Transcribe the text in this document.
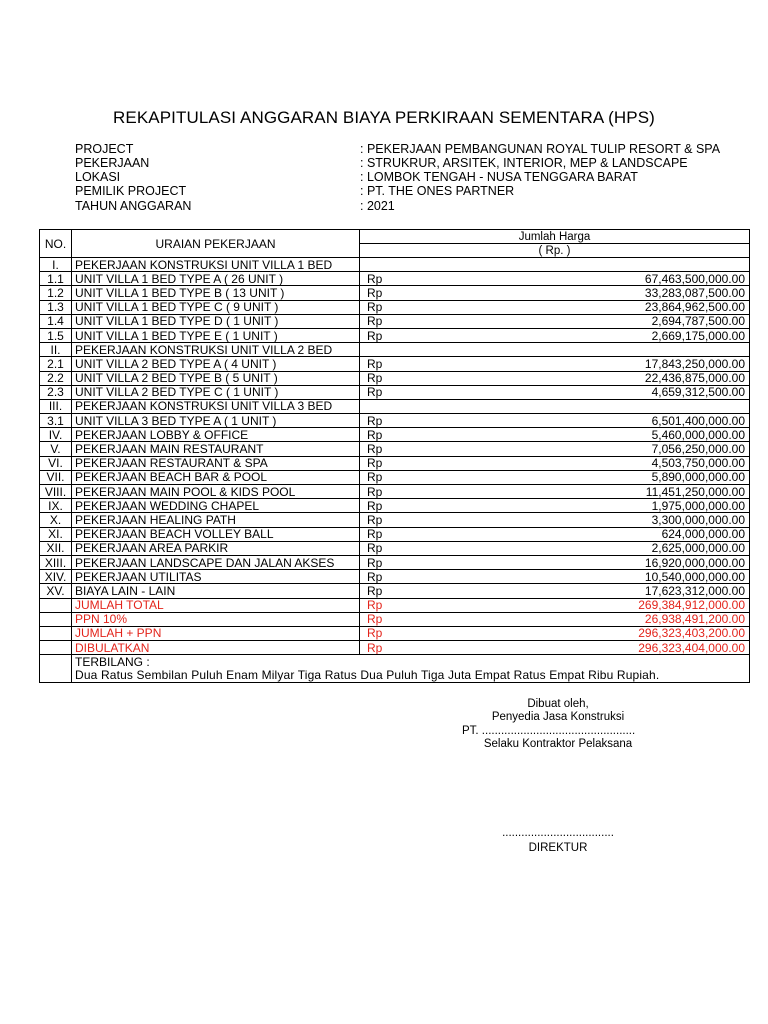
REKAPITULASI ANGGARAN BIAYA PERKIRAAN SEMENTARA (HPS)
PROJECT	: PEKERJAAN PEMBANGUNAN ROYAL TULIP RESORT & SPA
PEKERJAAN	: STRUKRUR, ARSITEK, INTERIOR, MEP & LANDSCAPE
LOKASI	: LOMBOK TENGAH - NUSA TENGGARA BARAT
PEMILIK PROJECT	: PT. THE ONES PARTNER
TAHUN ANGGARAN	: 2021
NO.	URAIAN PEKERJAAN	Jumlah Harga	
		( Rp. )	
I.	PEKERJAAN KONSTRUKSI UNIT VILLA 1 BED		
1.1	UNIT VILLA 1 BED TYPE A ( 26 UNIT )	Rp	67,463,500,000.00
1.2	UNIT VILLA 1 BED TYPE B ( 13 UNIT )	Rp	33,283,087,500.00
1.3	UNIT VILLA 1 BED TYPE C ( 9 UNIT )	Rp	23,864,962,500.00
1.4	UNIT VILLA 1 BED TYPE D ( 1 UNIT )	Rp	2,694,787,500.00
1.5	UNIT VILLA 1 BED TYPE E ( 1 UNIT )	Rp	2,669,175,000.00
II.	PEKERJAAN KONSTRUKSI UNIT VILLA 2 BED		
2.1	UNIT VILLA 2 BED TYPE A ( 4 UNIT )	Rp	17,843,250,000.00
2.2	UNIT VILLA 2 BED TYPE B ( 5 UNIT )	Rp	22,436,875,000.00
2.3	UNIT VILLA 2 BED TYPE C ( 1 UNIT )	Rp	4,659,312,500.00
III.	PEKERJAAN KONSTRUKSI UNIT VILLA 3 BED		
3.1	UNIT VILLA 3 BED TYPE A ( 1 UNIT )	Rp	6,501,400,000.00
IV.	PEKERJAAN LOBBY & OFFICE	Rp	5,460,000,000.00
V.	PEKERJAAN MAIN RESTAURANT	Rp	7,056,250,000.00
VI.	PEKERJAAN RESTAURANT & SPA	Rp	4,503,750,000.00
VII.	PEKERJAAN BEACH BAR & POOL	Rp	5,890,000,000.00
VIII.	PEKERJAAN MAIN POOL & KIDS POOL	Rp	11,451,250,000.00
IX.	PEKERJAAN WEDDING CHAPEL	Rp	1,975,000,000.00
X.	PEKERJAAN HEALING PATH	Rp	3,300,000,000.00
XI.	PEKERJAAN BEACH VOLLEY BALL	Rp	624,000,000.00
XII.	PEKERJAAN AREA PARKIR	Rp	2,625,000,000.00
XIII.	PEKERJAAN LANDSCAPE DAN JALAN AKSES	Rp	16,920,000,000.00
XIV.	PEKERJAAN UTILITAS	Rp	10,540,000,000.00
XV.	BIAYA LAIN - LAIN	Rp	17,623,312,000.00
	JUMLAH TOTAL	Rp	269,384,912,000.00
	PPN 10%	Rp	26,938,491,200.00
	JUMLAH + PPN	Rp	296,323,403,200.00
	DIBULATKAN	Rp	296,323,404,000.00
	TERBILANG :		
	Dua Ratus Sembilan Puluh Enam Milyar Tiga Ratus Dua Puluh Tiga Juta Empat Ratus Empat Ribu Rupiah.		
Dibuat oleh,
Penyedia Jasa Konstruksi
PT. ................................................
Selaku Kontraktor Pelaksana
...................................
DIREKTUR
